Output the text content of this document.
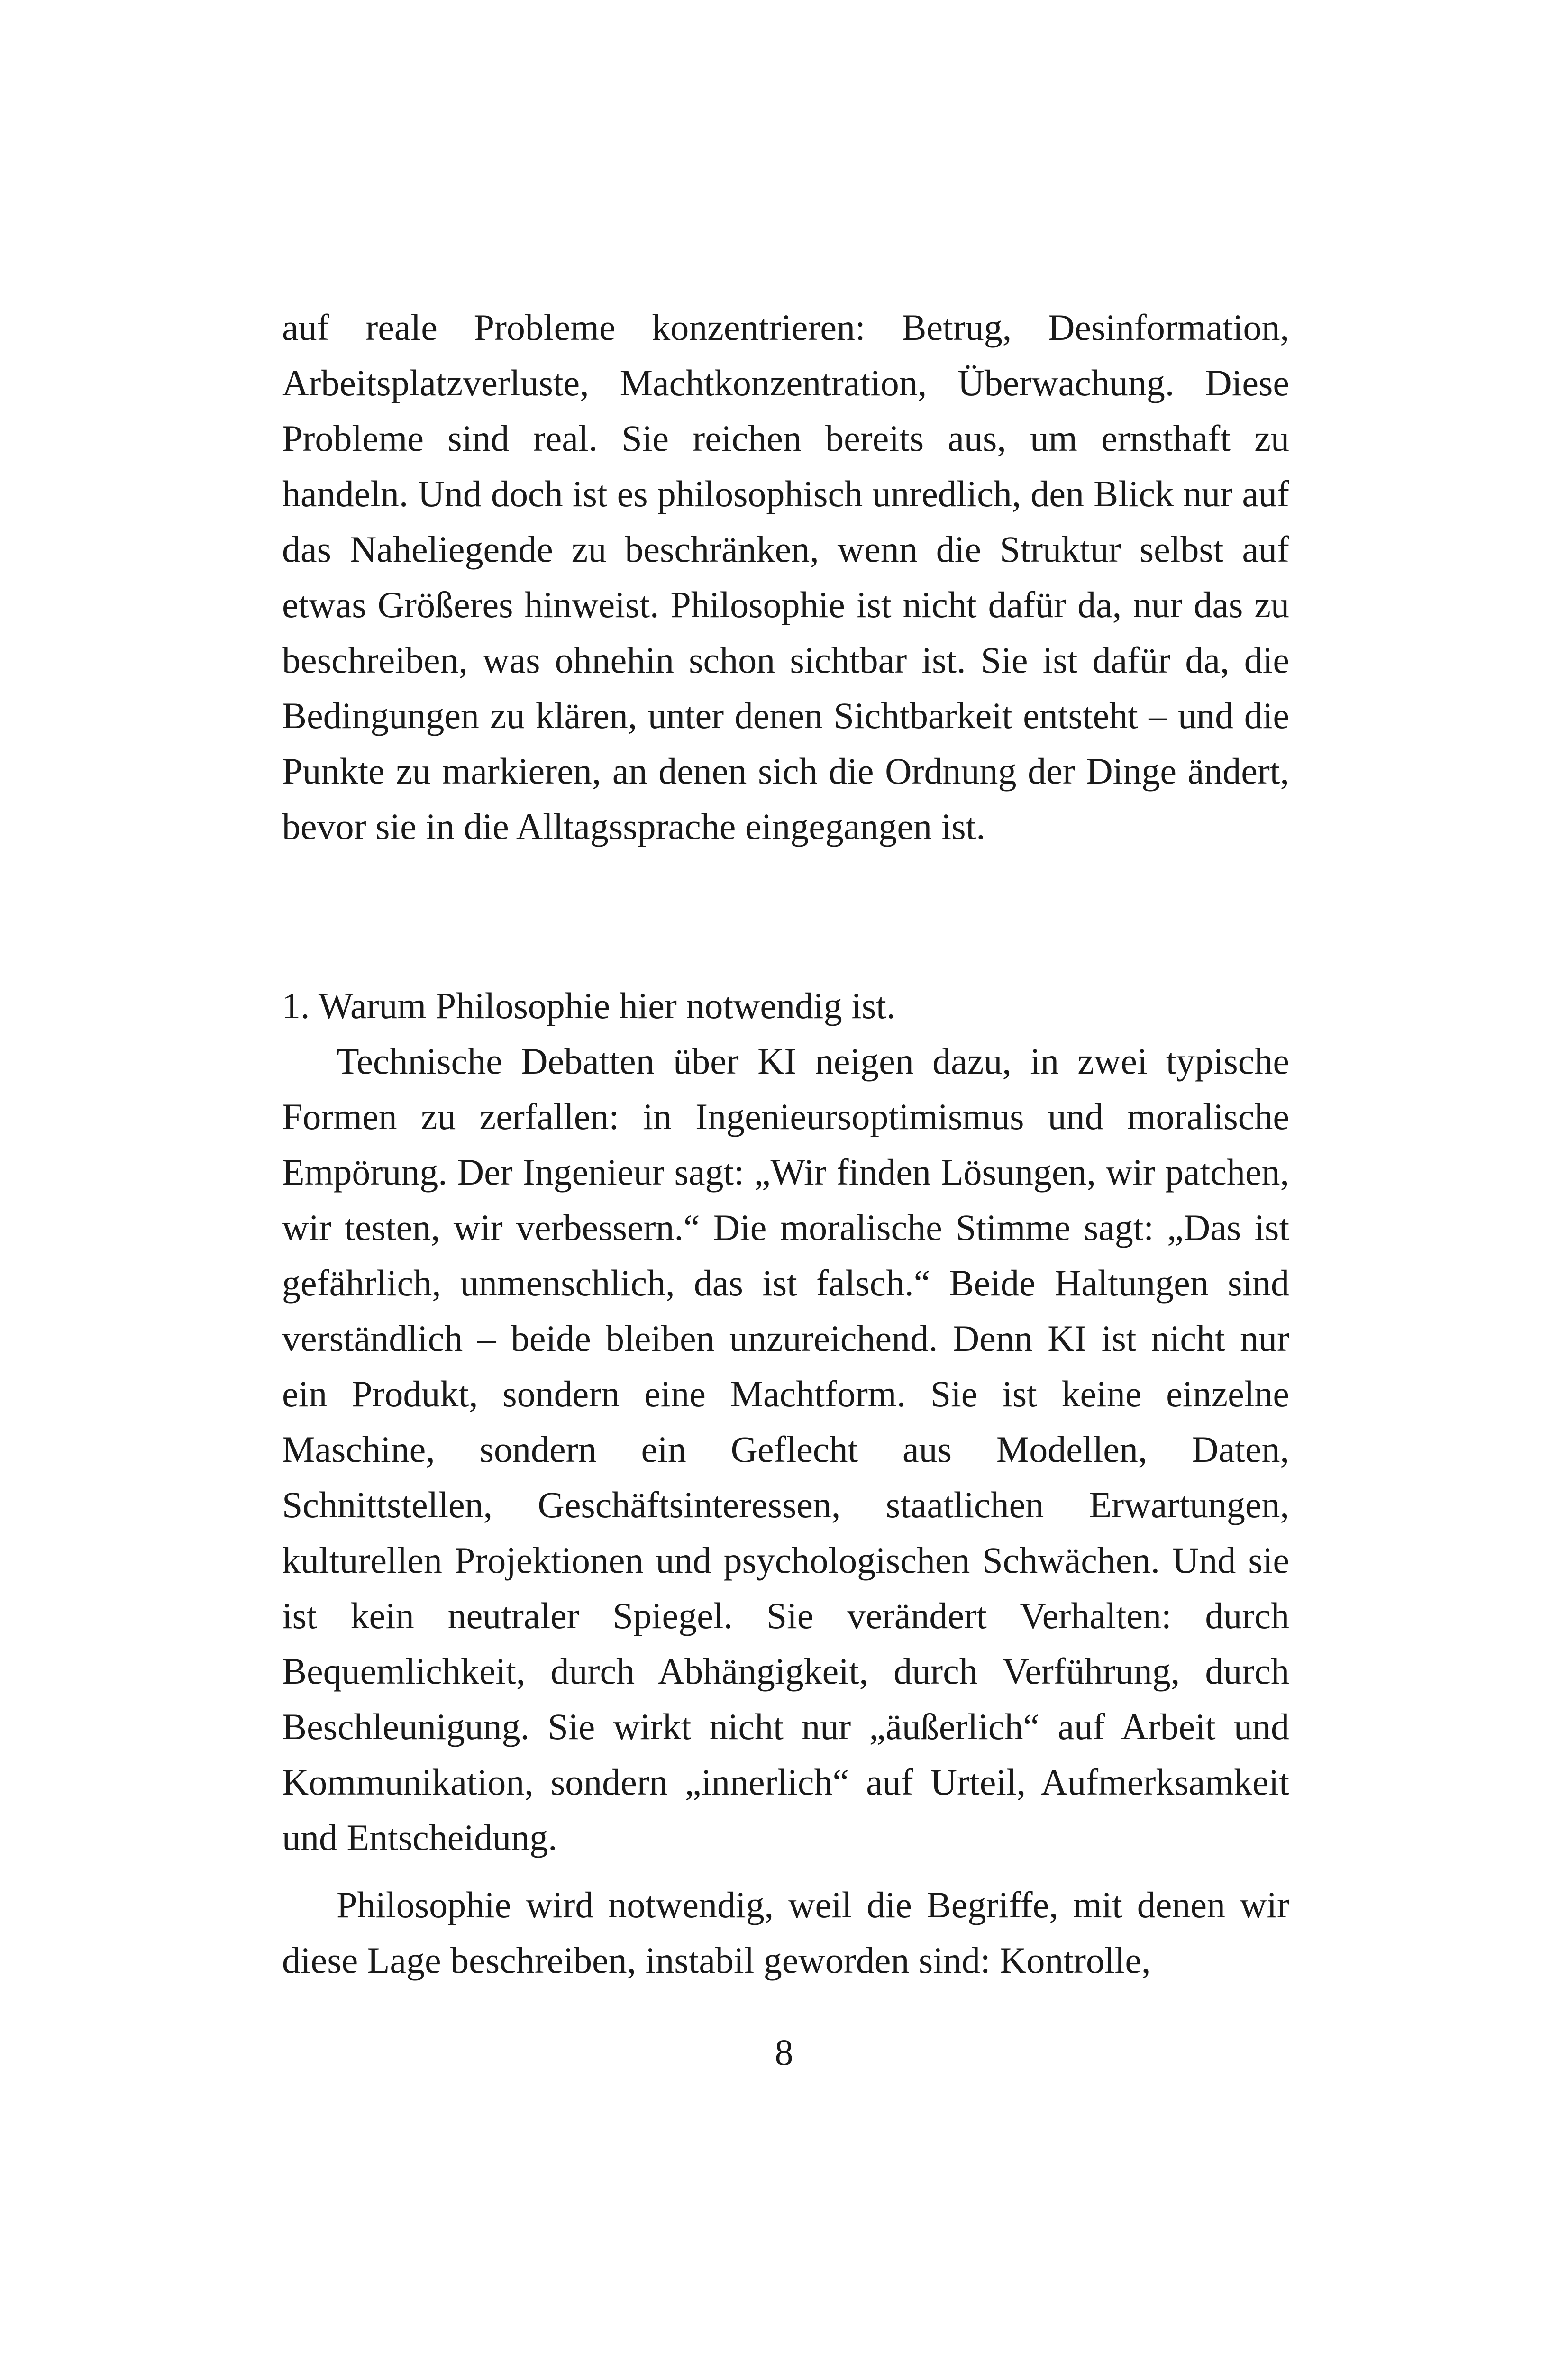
auf reale Probleme konzentrieren: Betrug, Desinformation, Arbeitsplatzverluste, Machtkonzentration, Überwachung. Diese Probleme sind real. Sie reichen bereits aus, um ernsthaft zu handeln. Und doch ist es philosophisch unredlich, den Blick nur auf das Naheliegende zu beschränken, wenn die Struktur selbst auf etwas Größeres hinweist. Philosophie ist nicht dafür da, nur das zu beschreiben, was ohnehin schon sichtbar ist. Sie ist dafür da, die Bedingungen zu klären, unter denen Sichtbarkeit entsteht – und die Punkte zu markieren, an denen sich die Ordnung der Dinge ändert, bevor sie in die Alltagssprache eingegangen ist.

1. Warum Philosophie hier notwendig ist.

Technische Debatten über KI neigen dazu, in zwei typische Formen zu zerfallen: in Ingenieursoptimismus und moralische Empörung. Der Ingenieur sagt: „Wir finden Lösungen, wir patchen, wir testen, wir verbessern.“ Die moralische Stimme sagt: „Das ist gefährlich, unmenschlich, das ist falsch.“ Beide Haltungen sind verständlich – beide bleiben unzureichend. Denn KI ist nicht nur ein Produkt, sondern eine Machtform. Sie ist keine einzelne Maschine, sondern ein Geflecht aus Modellen, Daten, Schnittstellen, Geschäftsinteressen, staatlichen Erwartungen, kulturellen Projektionen und psychologischen Schwächen. Und sie ist kein neutraler Spiegel. Sie verändert Verhalten: durch Bequemlichkeit, durch Abhängigkeit, durch Verführung, durch Beschleunigung. Sie wirkt nicht nur „äußerlich“ auf Arbeit und Kommunikation, sondern „innerlich“ auf Urteil, Aufmerksamkeit und Entscheidung.

Philosophie wird notwendig, weil die Begriffe, mit denen wir diese Lage beschreiben, instabil geworden sind: Kontrolle,

8
